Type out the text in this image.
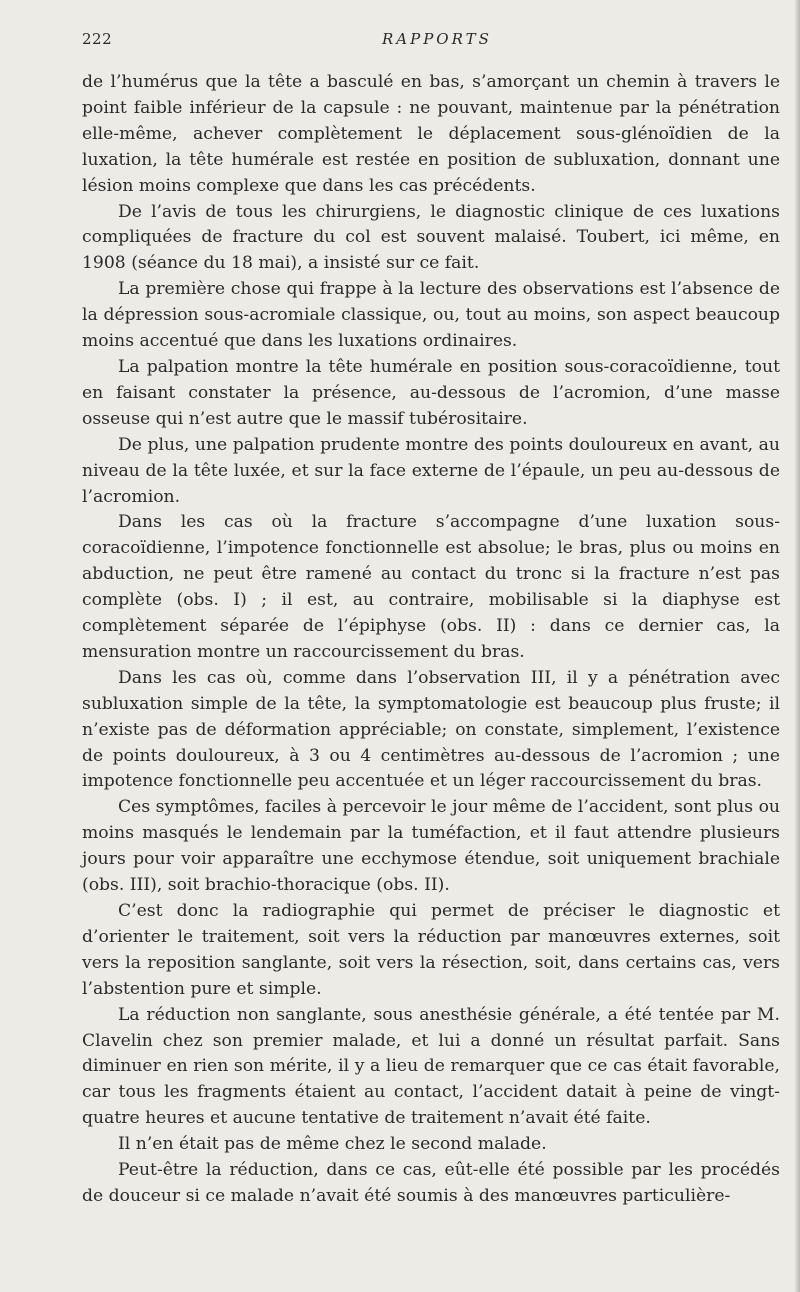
222	RAPPORTS

de l’humérus que la tête a basculé en bas, s’amorçant un chemin à travers le point faible inférieur de la capsule : ne pouvant, maintenue par la pénétration elle-même, achever complètement le déplacement sous-glénoïdien de la luxation, la tête humérale est restée en position de subluxation, donnant une lésion moins complexe que dans les cas précédents.

De l’avis de tous les chirurgiens, le diagnostic clinique de ces luxations compliquées de fracture du col est souvent malaisé. Toubert, ici même, en 1908 (séance du 18 mai), a insisté sur ce fait.

La première chose qui frappe à la lecture des observations est l’absence de la dépression sous-acromiale classique, ou, tout au moins, son aspect beaucoup moins accentué que dans les luxations ordinaires.

La palpation montre la tête humérale en position sous-coracoïdienne, tout en faisant constater la présence, au-dessous de l’acromion, d’une masse osseuse qui n’est autre que le massif tubérositaire.

De plus, une palpation prudente montre des points douloureux en avant, au niveau de la tête luxée, et sur la face externe de l’épaule, un peu au-dessous de l’acromion.

Dans les cas où la fracture s’accompagne d’une luxation sous-coracoïdienne, l’impotence fonctionnelle est absolue; le bras, plus ou moins en abduction, ne peut être ramené au contact du tronc si la fracture n’est pas complète (obs. I) ; il est, au contraire, mobilisable si la diaphyse est complètement séparée de l’épiphyse (obs. II) : dans ce dernier cas, la mensuration montre un raccourcissement du bras.

Dans les cas où, comme dans l’observation III, il y a pénétration avec subluxation simple de la tête, la symptomatologie est beaucoup plus fruste; il n’existe pas de déformation appréciable; on constate, simplement, l’existence de points douloureux, à 3 ou 4 centimètres au-dessous de l’acromion ; une impotence fonctionnelle peu accentuée et un léger raccourcissement du bras.

Ces symptômes, faciles à percevoir le jour même de l’accident, sont plus ou moins masqués le lendemain par la tuméfaction, et il faut attendre plusieurs jours pour voir apparaître une ecchymose étendue, soit uniquement brachiale (obs. III), soit brachio-thoracique (obs. II).

C’est donc la radiographie qui permet de préciser le diagnostic et d’orienter le traitement, soit vers la réduction par manœuvres externes, soit vers la reposition sanglante, soit vers la résection, soit, dans certains cas, vers l’abstention pure et simple.

La réduction non sanglante, sous anesthésie générale, a été tentée par M. Clavelin chez son premier malade, et lui a donné un résultat parfait. Sans diminuer en rien son mérite, il y a lieu de remarquer que ce cas était favorable, car tous les fragments étaient au contact, l’accident datait à peine de vingt-quatre heures et aucune tentative de traitement n’avait été faite.

Il n’en était pas de même chez le second malade.

Peut-être la réduction, dans ce cas, eût-elle été possible par les procédés de douceur si ce malade n’avait été soumis à des manœuvres particulière-
